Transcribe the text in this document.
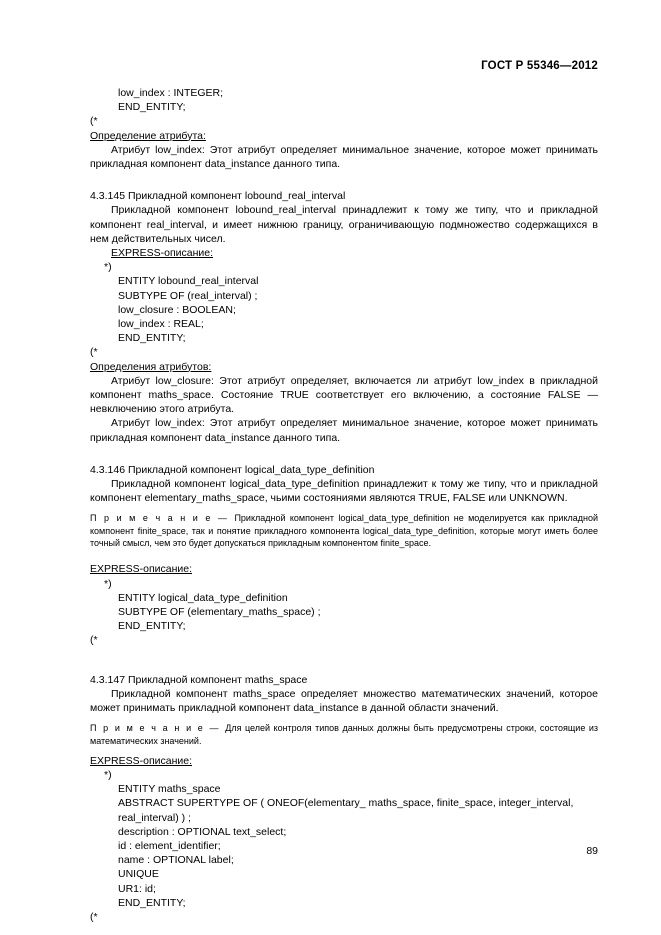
ГОСТ Р 55346—2012
low_index : INTEGER;
END_ENTITY;
(*
Определение атрибута:
Атрибут low_index: Этот атрибут определяет минимальное значение, которое может принимать прикладная компонент data_instance данного типа.
4.3.145 Прикладной компонент lobound_real_interval
Прикладной компонент lobound_real_interval принадлежит к тому же типу, что и прикладной компонент real_interval, и имеет нижнюю границу, ограничивающую подмножество содержащихся в нем действительных чисел.
EXPRESS-описание:
*)
ENTITY lobound_real_interval
SUBTYPE OF (real_interval) ;
low_closure : BOOLEAN;
low_index : REAL;
END_ENTITY;
(*
Определения атрибутов:
Атрибут low_closure: Этот атрибут определяет, включается ли атрибут low_index в прикладной компонент maths_space. Состояние TRUE соответствует его включению, а состояние FALSE — невключению этого атрибута.
Атрибут low_index: Этот атрибут определяет минимальное значение, которое может принимать прикладная компонент data_instance данного типа.
4.3.146 Прикладной компонент logical_data_type_definition
Прикладной компонент logical_data_type_definition принадлежит к тому же типу, что и прикладной компонент elementary_maths_space, чьими состояниями являются TRUE, FALSE или UNKNOWN.
П р и м е ч а н и е — Прикладной компонент logical_data_type_definition не моделируется как прикладной компонент finite_space, так и понятие прикладного компонента logical_data_type_definition, которые могут иметь более точный смысл, чем это будет допускаться прикладным компонентом finite_space.
EXPRESS-описание:
*)
ENTITY logical_data_type_definition
SUBTYPE OF (elementary_maths_space) ;
END_ENTITY;
(*
4.3.147 Прикладной компонент maths_space
Прикладной компонент maths_space определяет множество математических значений, которое может принимать прикладной компонент data_instance в данной области значений.
П р и м е ч а н и е — Для целей контроля типов данных должны быть предусмотрены строки, состоящие из математических значений.
EXPRESS-описание:
*)
ENTITY maths_space
ABSTRACT SUPERTYPE OF ( ONEOF(elementary_ maths_space, finite_space, integer_interval,
real_interval) ) ;
description : OPTIONAL text_select;
id : element_identifier;
name : OPTIONAL label;
UNIQUE
UR1: id;
END_ENTITY;
(*
89
